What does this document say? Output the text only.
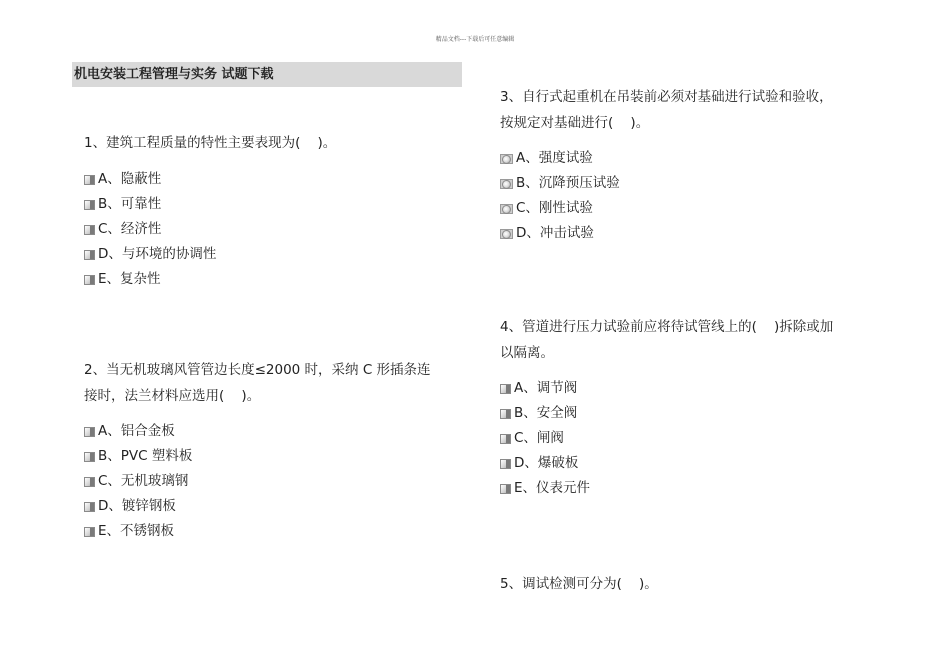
精品文档---下载后可任意编辑
机电安装工程管理与实务 试题下载

1、建筑工程质量的特性主要表现为(    )。

A、隐蔽性
B、可靠性
C、经济性
D、与环境的协调性
E、复杂性

2、当无机玻璃风管管边长度≤2000 时，采纳 C 形插条连

接时，法兰材料应选用(    )。

A、铝合金板
B、PVC 塑料板
C、无机玻璃钢
D、镀锌钢板
E、不锈钢板

3、自行式起重机在吊装前必须对基础进行试验和验收，

按规定对基础进行(    )。

A、强度试验
B、沉降预压试验
C、刚性试验
D、冲击试验

4、管道进行压力试验前应将待试管线上的(    )拆除或加

以隔离。

A、调节阀
B、安全阀
C、闸阀
D、爆破板
E、仪表元件

5、调试检测可分为(    )。
